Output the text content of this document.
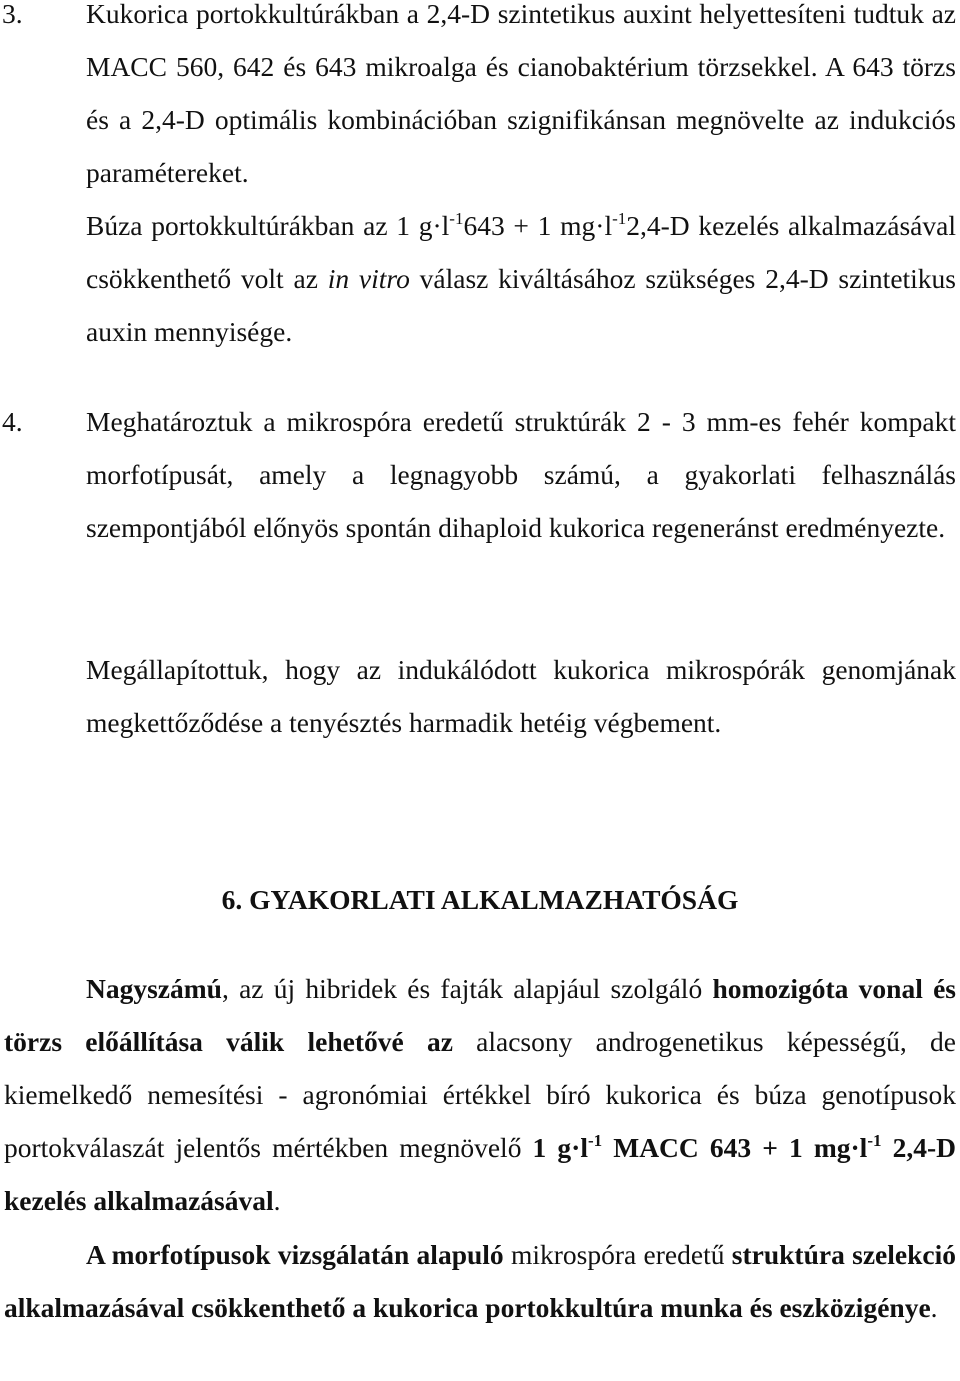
3. Kukorica portokkultúrákban a 2,4-D szintetikus auxint helyettesíteni tudtuk az MACC 560, 642 és 643 mikroalga és cianobaktérium törzsekkel. A 643 törzs és a 2,4-D optimális kombinációban szignifikánsan megnövelte az indukciós paramétereket.

Búza portokkultúrákban az 1 $g\cdot l^{-1}643 + 1$ $mg\cdot l^{-1}2,4-D$ kezelés alkalmazásával csökkenthető volt az in vitro válasz kiváltásához szükséges 2,4-D szintetikus auxin mennyisége.

4. Meghatároztuk a mikrospóra eredetű struktúrák 2 - 3 mm-es fehér kompakt morfotípusát, amely a legnagyobb számú, a gyakorlati felhasználás szempontjából előnyös spontán dihaploid kukorica regeneránst eredményezte.

Megállapítottuk, hogy az indukálódott kukorica mikrospórák genomjának megkettőződése a tenyésztés harmadik hetéig végbement.

6. GYAKORLATI ALKALMAZHATÓSÁG

Nagyszámú, az új hibridek és fajták alapjául szolgáló homozigóta vonal és törzs előállítása válik lehetővé az alacsony androgenetikus képességű, de kiemelkedő nemesítési - agronómiai értékkel bíró kukorica és búza genotípusok portokválaszát jelentős mértékben megnövelő 1 $g\cdot l^{-1}$ MACC 643 + 1 $mg\cdot l^{-1}$ 2,4-D kezelés alkalmazásával.

A morfotípusok vizsgálatán alapuló mikrospóra eredetű struktúra szelekció alkalmazásával csökkenthető a kukorica portokkultúra munka és eszközigénye.
